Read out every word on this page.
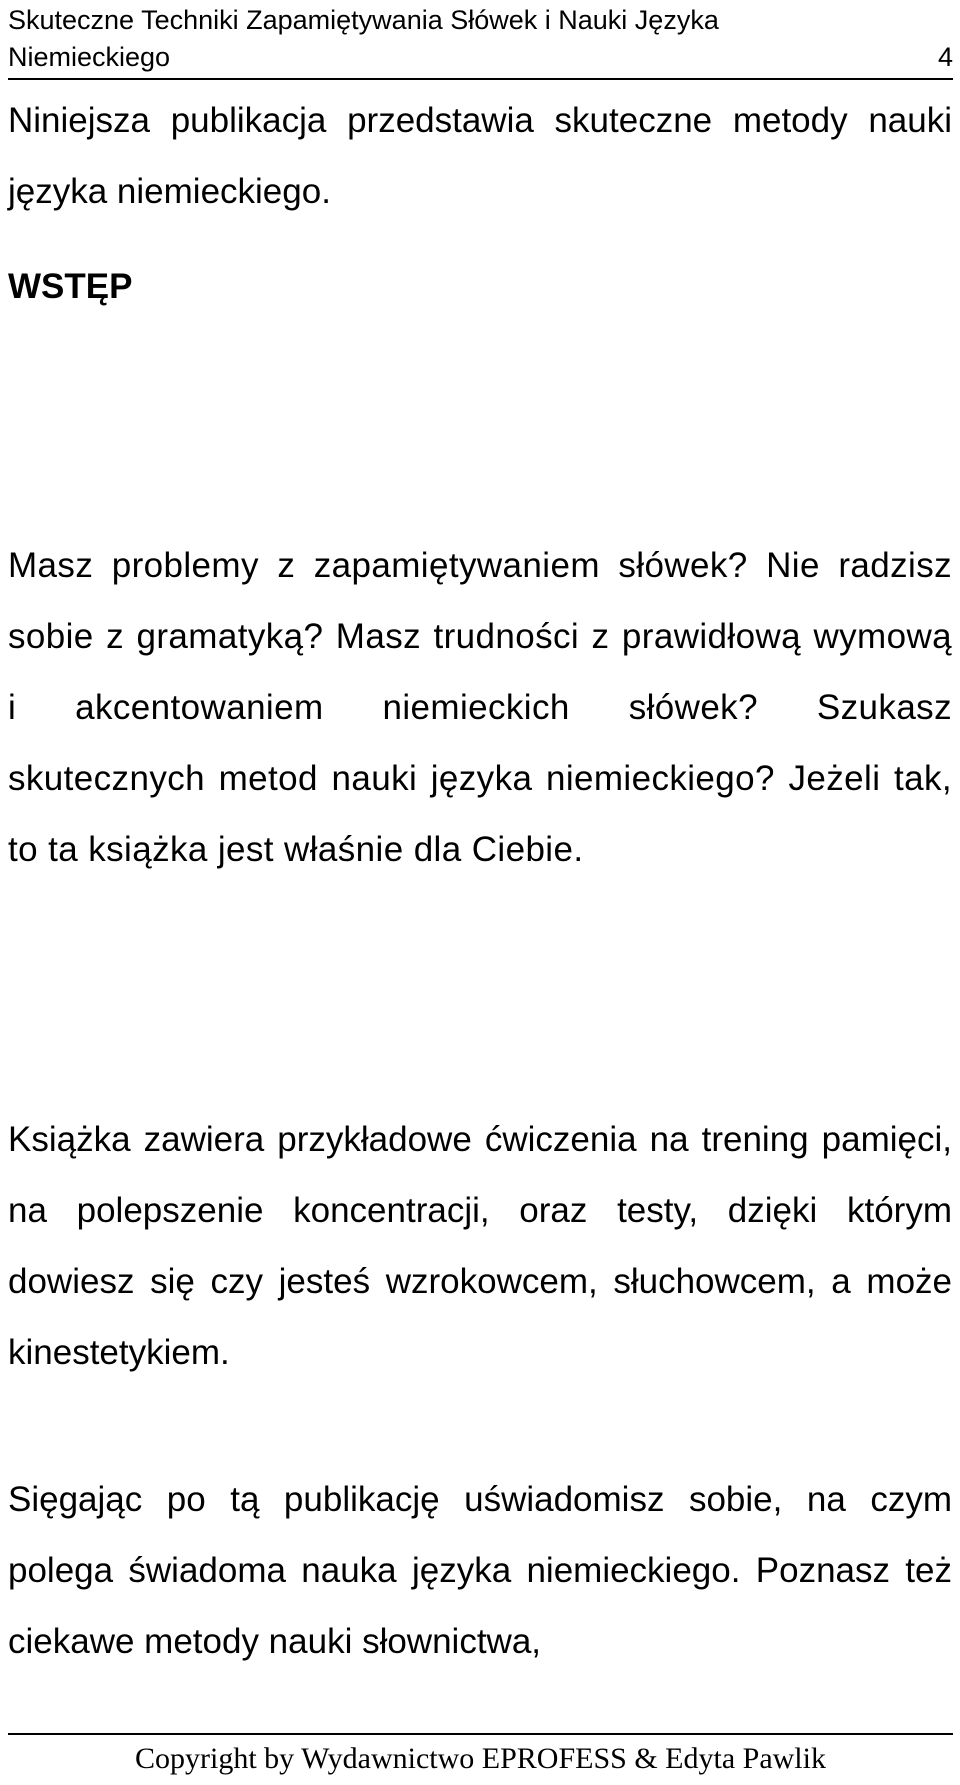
Skuteczne Techniki Zapamiętywania Słówek i Nauki Języka
Niemieckiego	4
WSTĘP

Niniejsza publikacja przedstawia skuteczne metody nauki języka niemieckiego.

Masz problemy z zapamiętywaniem słówek? Nie radzisz sobie z gramatyką? Masz trudności z prawidłową wymową i akcentowaniem niemieckich słówek? Szukasz skutecznych metod nauki języka niemieckiego? Jeżeli tak, to ta książka jest właśnie dla Ciebie.

Książka zawiera przykładowe ćwiczenia na trening pamięci, na polepszenie koncentracji, oraz testy, dzięki którym dowiesz się czy jesteś wzrokowcem, słuchowcem, a może kinestetykiem.

Sięgając po tą publikację uświadomisz sobie, na czym polega świadoma nauka języka niemieckiego. Poznasz też ciekawe metody nauki słownictwa,

Copyright by Wydawnictwo EPROFESS & Edyta Pawlik
